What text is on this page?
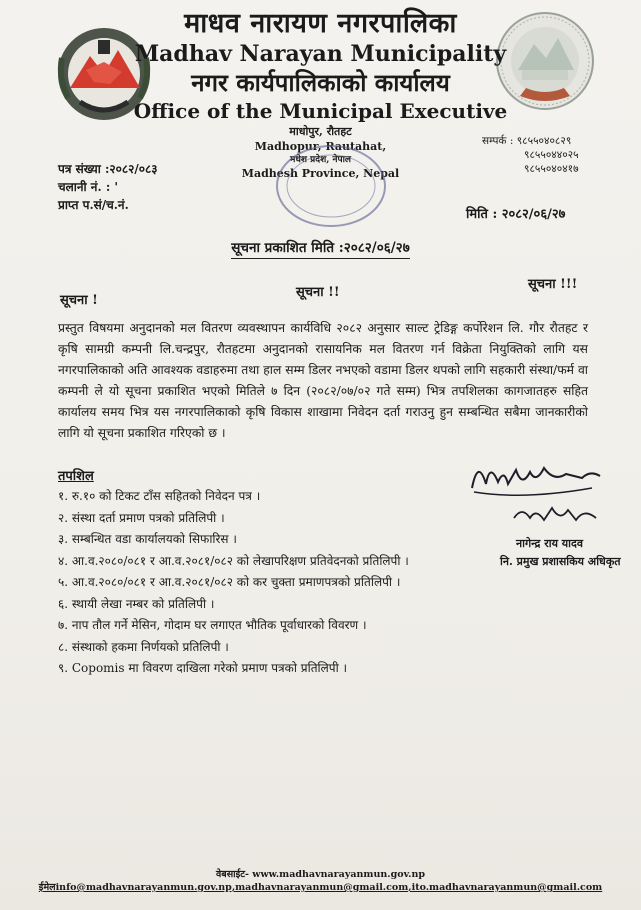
माधव नारायण नगरपालिका
Madhav Narayan Municipality
नगर कार्यपालिकाको कार्यालय
Office of the Municipal Executive
माधोपुर, रौतहट
Madhopur, Rautahat,
मधेश प्रदेश, नेपाल
Madhesh Province, Nepal
पत्र संख्या :२०८२/०८३
चलानी नं. : '
प्राप्त प.सं/च.नं.
सम्पर्क : ९८५५०४०८२९
९८५५०४४०२५
९८५५०४०४१७
मिति : २०८२/०६/२७
सूचना प्रकाशित मिति :२०८२/०६/२७
सूचना !
सूचना !!
सूचना !!!
प्रस्तुत विषयमा अनुदानको मल वितरण व्यवस्थापन कार्यविधि २०८२ अनुसार साल्ट ट्रेडिङ्ग कर्पोरेशन लि. गौर रौतहट र कृषि सामग्री कम्पनी लि.चन्द्रपुर, रौतहटमा अनुदानको रासायनिक मल वितरण गर्न विक्रेता नियुक्तिको लागि यस नगरपालिकाको अति आवश्यक वडाहरुमा तथा हाल सम्म डिलर नभएको वडामा डिलर थपको लागि सहकारी संस्था/फर्म वा कम्पनी ले यो सूचना प्रकाशित भएको मितिले ७ दिन (२०८२/०७/०२ गते सम्म) भित्र तपशिलका कागजातहरु सहित कार्यालय समय भित्र यस नगरपालिकाको कृषि विकास शाखामा निवेदन दर्ता गराउनु हुन सम्बन्धित सबैमा जानकारीको लागि यो सूचना प्रकाशित गरिएको छ ।
तपशिल
१. रु.१० को टिकट टाँस सहितको निवेदन पत्र ।
२. संस्था दर्ता प्रमाण पत्रको प्रतिलिपी ।
३. सम्बन्धित वडा कार्यालयको सिफारिस ।
४. आ.व.२०८०/०८१ र आ.व.२०८१/०८२ को लेखापरिक्षण प्रतिवेदनको प्रतिलिपी ।
५. आ.व.२०८०/०८१ र आ.व.२०८१/०८२ को कर चुक्ता प्रमाणपत्रको प्रतिलिपी ।
६. स्थायी लेखा नम्बर को प्रतिलिपी ।
७. नाप तौल गर्ने मेसिन, गोदाम घर लगाएत भौतिक पूर्वाधारको विवरण ।
८. संस्थाको हकमा निर्णयको प्रतिलिपी ।
९. Copomis मा विवरण दाखिला गरेको प्रमाण पत्रको प्रतिलिपी ।
नागेन्द्र राय यादव
नि. प्रमुख प्रशासकिय अधिकृत
वेबसाईट- www.madhavnarayanmun.gov.np
ईमेलinfo@madhavnarayanmun.gov.np,madhavnarayanmun@gmail.com,ito.madhavnarayanmun@gmail.com
